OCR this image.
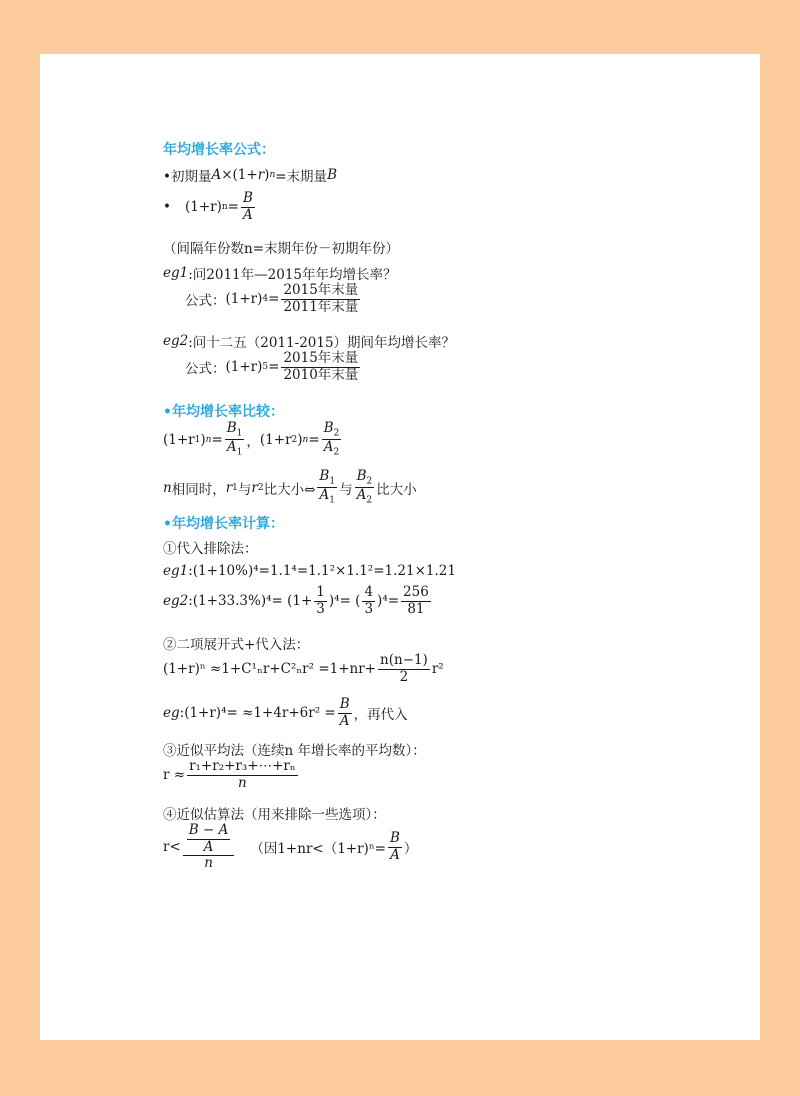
年均增长率公式：
•初期量 A ×(1+ r ) n =末期量 B
• (1+r) $n = \frac{B}{A}$
（间隔年份数n=末期年份－初期年份）
eg1 :问2011年—2015年年均增长率？
公式： (1+r) 4 =
2015年末量
2011年末量
eg2 :问十二五（2011-2015）期间年均增长率？
公式： (1+r) 5 =
2015年末量
2010年末量
•年均增长率比较：
(1+r 1 ) $n = \frac{B_1}{A_1}$ ， (1+r 2 ) $n = \frac{B_2}{A_2}$
n 相同时， r 1 与 r 2 比大小⇔ $\frac{B_1}{A_1}$ 与 $\frac{B_2}{A_2}$ 比大小
•年均增长率计算：
①代入排除法：
eg1 :(1+10%)⁴=1.1⁴=1.1²×1.1²=1.21×1.21
eg2 :(1+33.3%)⁴= $(1+ \frac{1}{3} )^4=$ ( $\frac{4}{3} )^4= \frac{256}{81}$
②二项展开式+代入法：
$(1+r)^n \approx 1+C^1_nr+C^2_nr^2 =1+nr+ \frac{n(n-1)}{2} r^2$
eg :(1+r)⁴= $\approx 1+4r+6r^2 = \frac{B}{A}$ ，再代入
③近似平均法（连续n 年增长率的平均数）：
$r \approx \frac{\text{r₁+r₂+r₃+⋯+rₙ}}{n}$
④近似估算法（用来排除一些选项）：
$r< \frac{\frac{B - A}{A}}{n}$ （因$1+nr<(1+r)^n= \frac{B}{A}$ ）
